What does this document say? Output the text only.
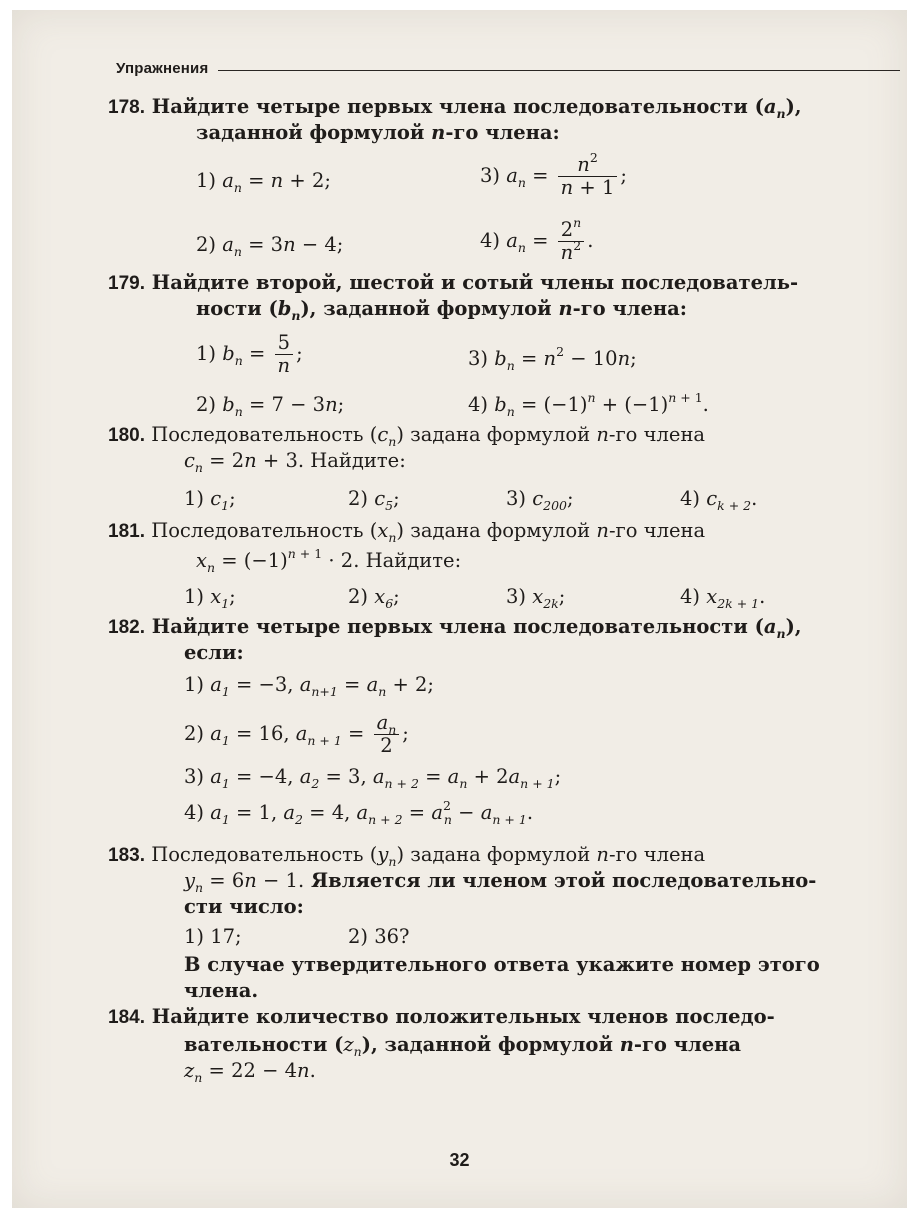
Упражнения
178. Найдите четыре первых члена последовательности $(a_n)$,
заданной формулой n-го члена:
1) $a_n = n + 2$;	3) $a_n = \frac{n^2}{n + 1}$ ;
2) $a_n = 3n - 4$;	4) $a_n = \frac{2^n}{n^2}$ .
179. Найдите второй, шестой и сотый члены последователь-
ности $(b_n)$, заданной формулой n-го члена:
1) $b_n = \frac{5}{n}$ ;	3) $b_n = n^2 - 10n$;
2) $b_n = 7 - 3n$;	4) $b_n = (-1)^n + (-1)^{n + 1}$.
180. Последовательность $(c_n)$ задана формулой n-го члена
$c_n = 2n + 3$. Найдите:
1) $c_1$;	2) $c_5$;	3) $c_{200}$;	4) $c_{k + 2}$.
181. Последовательность $(x_n)$ задана формулой n-го члена
$x_n = (-1)^{n + 1} \cdot 2$. Найдите:
1) $x_1$;	2) $x_6$;	3) $x_{2k}$;	4) $x_{2k + 1}$.
182. Найдите четыре первых члена последовательности $(a_n)$,
если:
1) $a_1 = -3$, $a_{n+1} = a_n + 2$;
2) $a_1 = 16$, $a_{n + 1} = \frac{a_n}{2}$ ;
3) $a_1 = -4$, $a_2 = 3$, $a_{n + 2} = a_n + 2a_{n + 1}$;
4) $a_1 = 1$, $a_2 = 4$, $a_{n + 2} = a^2_n - a_{n + 1}$.
183. Последовательность $(y_n)$ задана формулой n-го члена
$y_n = 6n - 1$. Является ли членом этой последовательно-
сти число:
1) 17;	2) 36?
В случае утвердительного ответа укажите номер этого
члена.
184. Найдите количество положительных членов последо-
вательности $(z_n)$, заданной формулой n-го члена
$z_n = 22 - 4n$.
32
